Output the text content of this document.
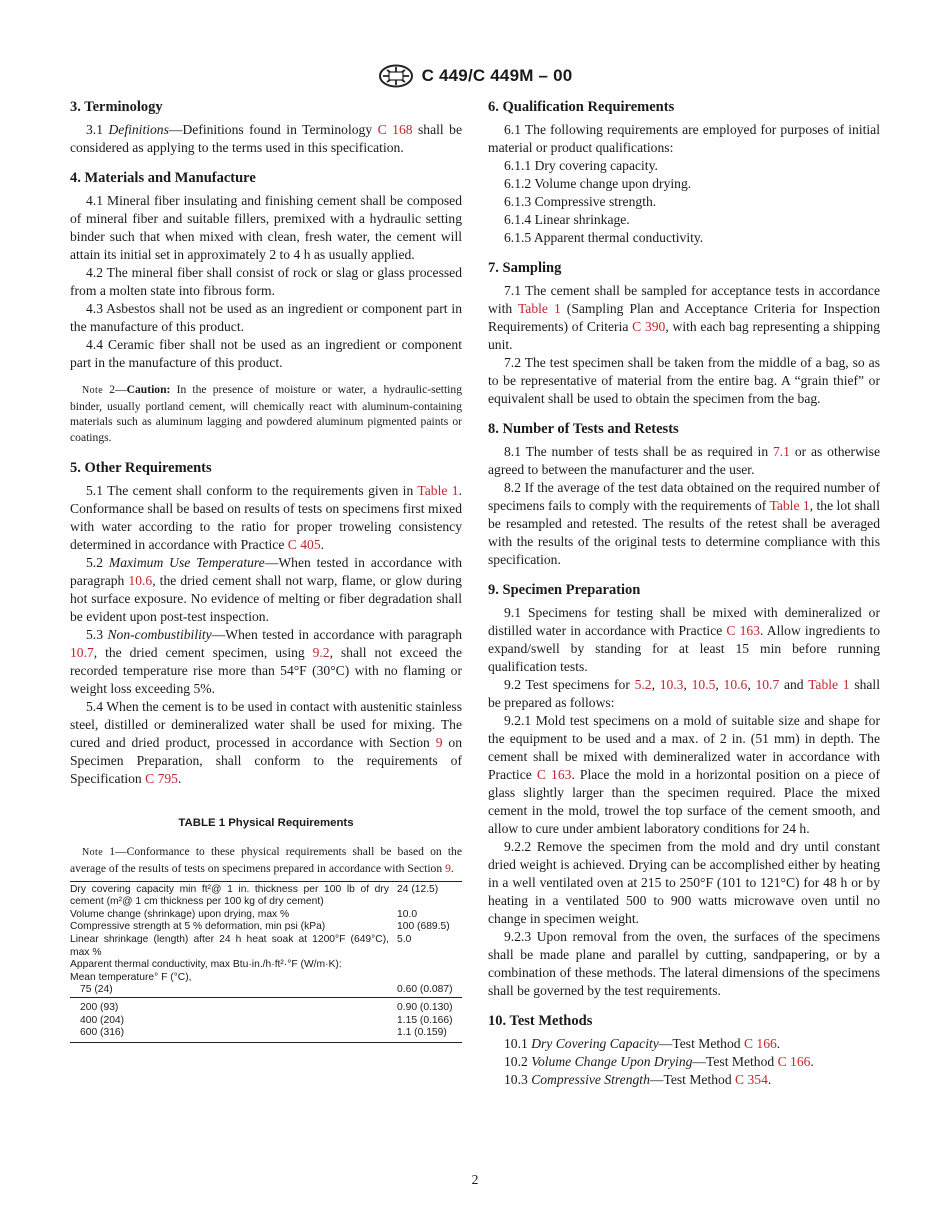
C 449/C 449M – 00
3. Terminology

3.1 Definitions—Definitions found in Terminology C 168 shall be considered as applying to the terms used in this specification.

4. Materials and Manufacture

4.1 Mineral fiber insulating and finishing cement shall be composed of mineral fiber and suitable fillers, premixed with a hydraulic setting binder such that when mixed with clean, fresh water, the cement will attain its initial set in approximately 2 to 4 h as usually applied.

4.2 The mineral fiber shall consist of rock or slag or glass processed from a molten state into fibrous form.

4.3 Asbestos shall not be used as an ingredient or component part in the manufacture of this product.

4.4 Ceramic fiber shall not be used as an ingredient or component part in the manufacture of this product.

Note 2—Caution: In the presence of moisture or water, a hydraulic-setting binder, usually portland cement, will chemically react with aluminum-containing materials such as aluminum lagging and powdered aluminum pigmented paints or coatings.

5. Other Requirements

5.1 The cement shall conform to the requirements given in Table 1. Conformance shall be based on results of tests on specimens first mixed with water according to the ratio for proper troweling consistency determined in accordance with Practice C 405.

5.2 Maximum Use Temperature—When tested in accordance with paragraph 10.6, the dried cement shall not warp, flame, or glow during hot surface exposure. No evidence of melting or fiber degradation shall be evident upon post-test inspection.

5.3 Non-combustibility—When tested in accordance with paragraph 10.7, the dried cement specimen, using 9.2, shall not exceed the recorded temperature rise more than 54°F (30°C) with no flaming or weight loss exceeding 5%.

5.4 When the cement is to be used in contact with austenitic stainless steel, distilled or demineralized water shall be used for mixing. The cured and dried product, processed in accordance with Section 9 on Specimen Preparation, shall conform to the requirements of Specification C 795.

TABLE 1 Physical Requirements

Note 1—Conformance to these physical requirements shall be based on the average of the results of tests on specimens prepared in accordance with Section 9.

Dry covering capacity min ft²@ 1 in. thickness per 100 lb of dry cement (m²@ 1 cm thickness per 100 kg of dry cement)	24 (12.5)
Volume change (shrinkage) upon drying, max %	10.0
Compressive strength at 5 % deformation, min psi (kPa)	100 (689.5)
Linear shrinkage (length) after 24 h heat soak at 1200°F (649°C), max %	5.0
Apparent thermal conductivity, max Btu·in./h·ft²·°F (W/m·K):	
Mean temperature° F (°C),	
75 (24)	0.60 (0.087)
200 (93)	0.90 (0.130)
400 (204)	1.15 (0.166)
600 (316)	1.1 (0.159)
6. Qualification Requirements

6.1 The following requirements are employed for purposes of initial material or product qualifications:

6.1.1 Dry covering capacity.

6.1.2 Volume change upon drying.

6.1.3 Compressive strength.

6.1.4 Linear shrinkage.

6.1.5 Apparent thermal conductivity.

7. Sampling

7.1 The cement shall be sampled for acceptance tests in accordance with Table 1 (Sampling Plan and Acceptance Criteria for Inspection Requirements) of Criteria C 390, with each bag representing a shipping unit.

7.2 The test specimen shall be taken from the middle of a bag, so as to be representative of material from the entire bag. A “grain thief” or equivalent shall be used to obtain the specimen from the bag.

8. Number of Tests and Retests

8.1 The number of tests shall be as required in 7.1 or as otherwise agreed to between the manufacturer and the user.

8.2 If the average of the test data obtained on the required number of specimens fails to comply with the requirements of Table 1, the lot shall be resampled and retested. The results of the retest shall be averaged with the results of the original tests to determine compliance with this specification.

9. Specimen Preparation

9.1 Specimens for testing shall be mixed with demineralized or distilled water in accordance with Practice C 163. Allow ingredients to expand/swell by standing for at least 15 min before running qualification tests.

9.2 Test specimens for 5.2, 10.3, 10.5, 10.6, 10.7 and Table 1 shall be prepared as follows:

9.2.1 Mold test specimens on a mold of suitable size and shape for the equipment to be used and a max. of 2 in. (51 mm) in depth. The cement shall be mixed with demineralized water in accordance with Practice C 163. Place the mold in a horizontal position on a piece of glass slightly larger than the specimen required. Place the mixed cement in the mold, trowel the top surface of the cement smooth, and allow to cure under ambient laboratory conditions for 24 h.

9.2.2 Remove the specimen from the mold and dry until constant dried weight is achieved. Drying can be accomplished either by heating in a well ventilated oven at 215 to 250°F (101 to 121°C) for 48 h or by heating in a ventilated 500 to 900 watts microwave oven until no change in specimen weight.

9.2.3 Upon removal from the oven, the surfaces of the specimens shall be made plane and parallel by cutting, sandpapering, or by a combination of these methods. The lateral dimensions of the specimens shall be governed by the test requirements.

10. Test Methods

10.1 Dry Covering Capacity—Test Method C 166.

10.2 Volume Change Upon Drying—Test Method C 166.

10.3 Compressive Strength—Test Method C 354.

2
